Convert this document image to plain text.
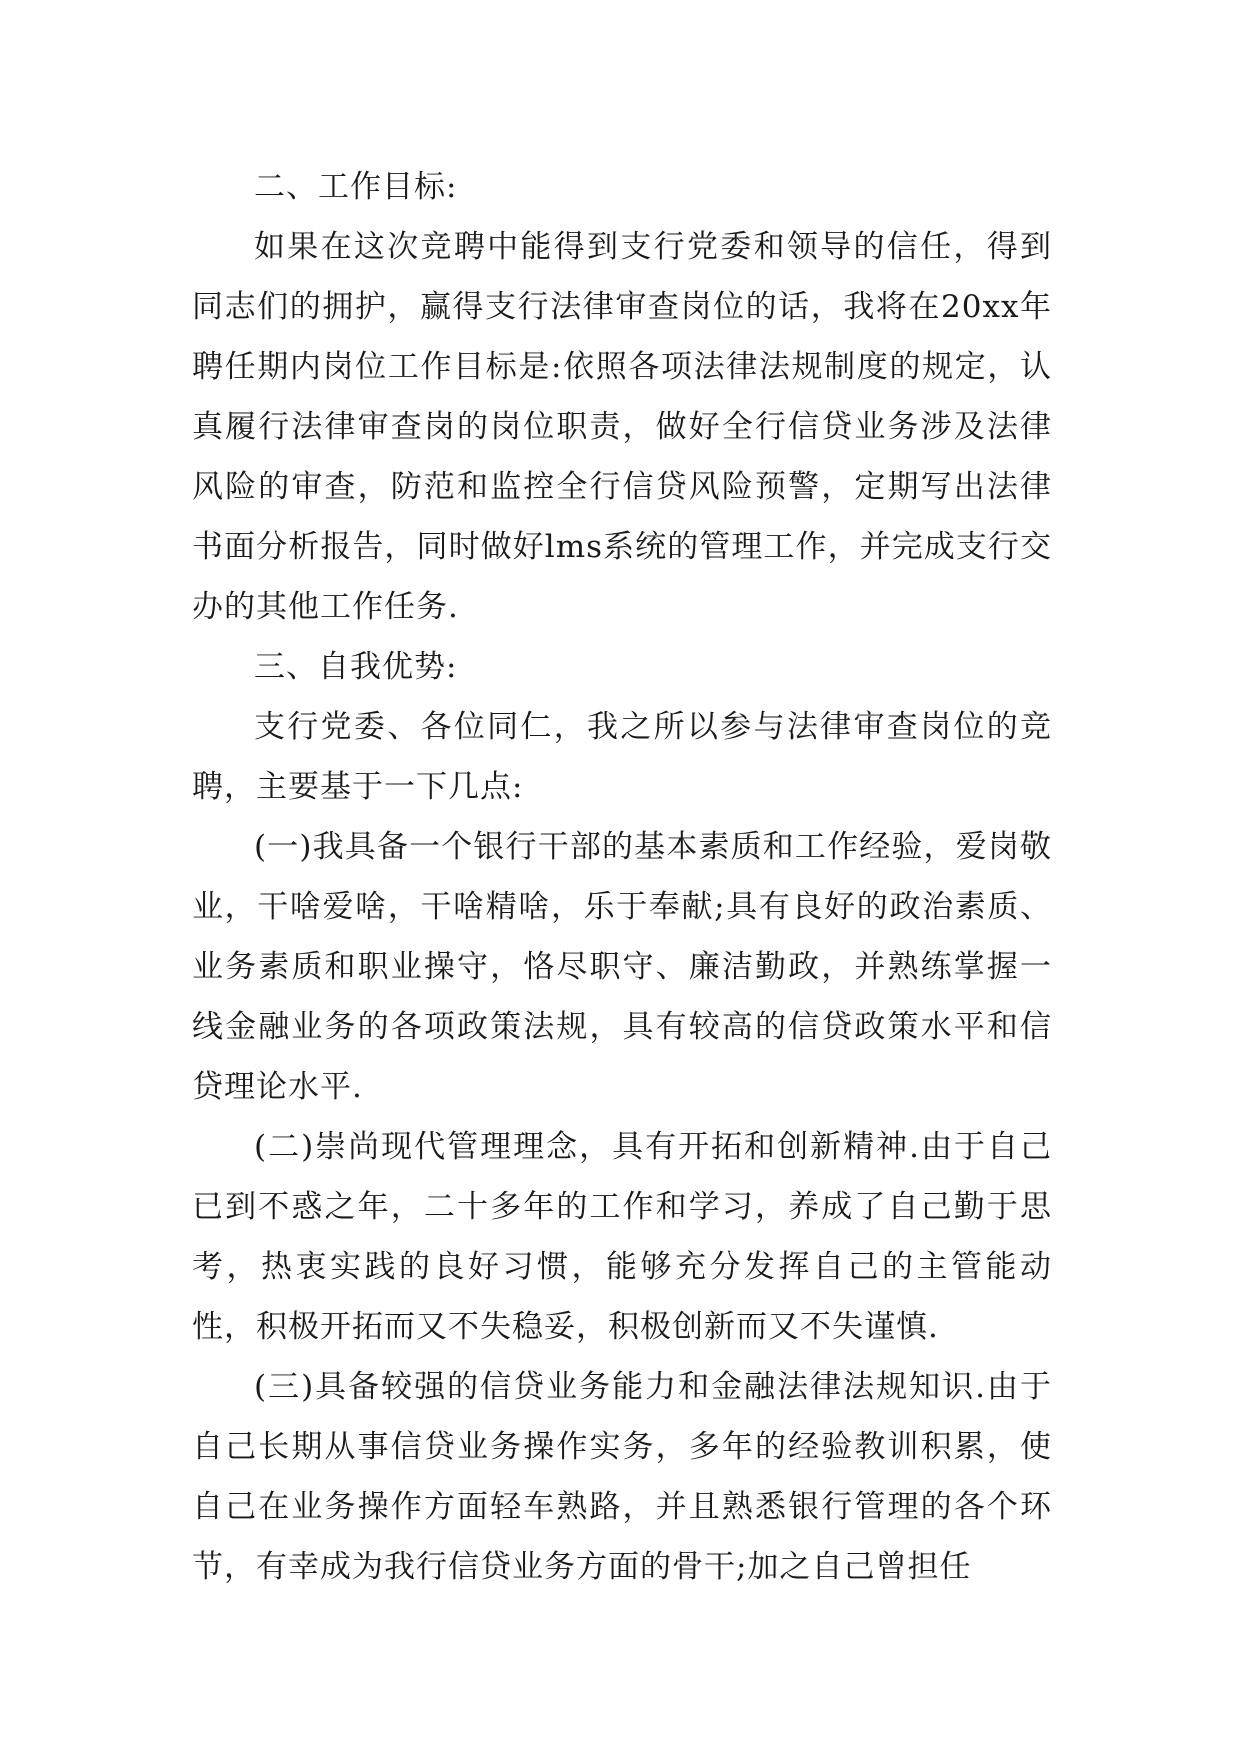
二、工作目标:

如果在这次竞聘中能得到支行党委和领导的信任，得到同志们的拥护，赢得支行法律审查岗位的话，我将在20xx年聘任期内岗位工作目标是:依照各项法律法规制度的规定，认真履行法律审查岗的岗位职责，做好全行信贷业务涉及法律风险的审查，防范和监控全行信贷风险预警，定期写出法律书面分析报告，同时做好lms系统的管理工作，并完成支行交办的其他工作任务.

三、自我优势:

支行党委、各位同仁，我之所以参与法律审查岗位的竞聘，主要基于一下几点:

(一)我具备一个银行干部的基本素质和工作经验，爱岗敬业，干啥爱啥，干啥精啥，乐于奉献;具有良好的政治素质、业务素质和职业操守，恪尽职守、廉洁勤政，并熟练掌握一线金融业务的各项政策法规，具有较高的信贷政策水平和信贷理论水平.

(二)崇尚现代管理理念，具有开拓和创新精神.由于自己已到不惑之年，二十多年的工作和学习，养成了自己勤于思考，热衷实践的良好习惯，能够充分发挥自己的主管能动性，积极开拓而又不失稳妥，积极创新而又不失谨慎.

(三)具备较强的信贷业务能力和金融法律法规知识.由于自己长期从事信贷业务操作实务，多年的经验教训积累，使自己在业务操作方面轻车熟路，并且熟悉银行管理的各个环节，有幸成为我行信贷业务方面的骨干;加之自己曾担任
